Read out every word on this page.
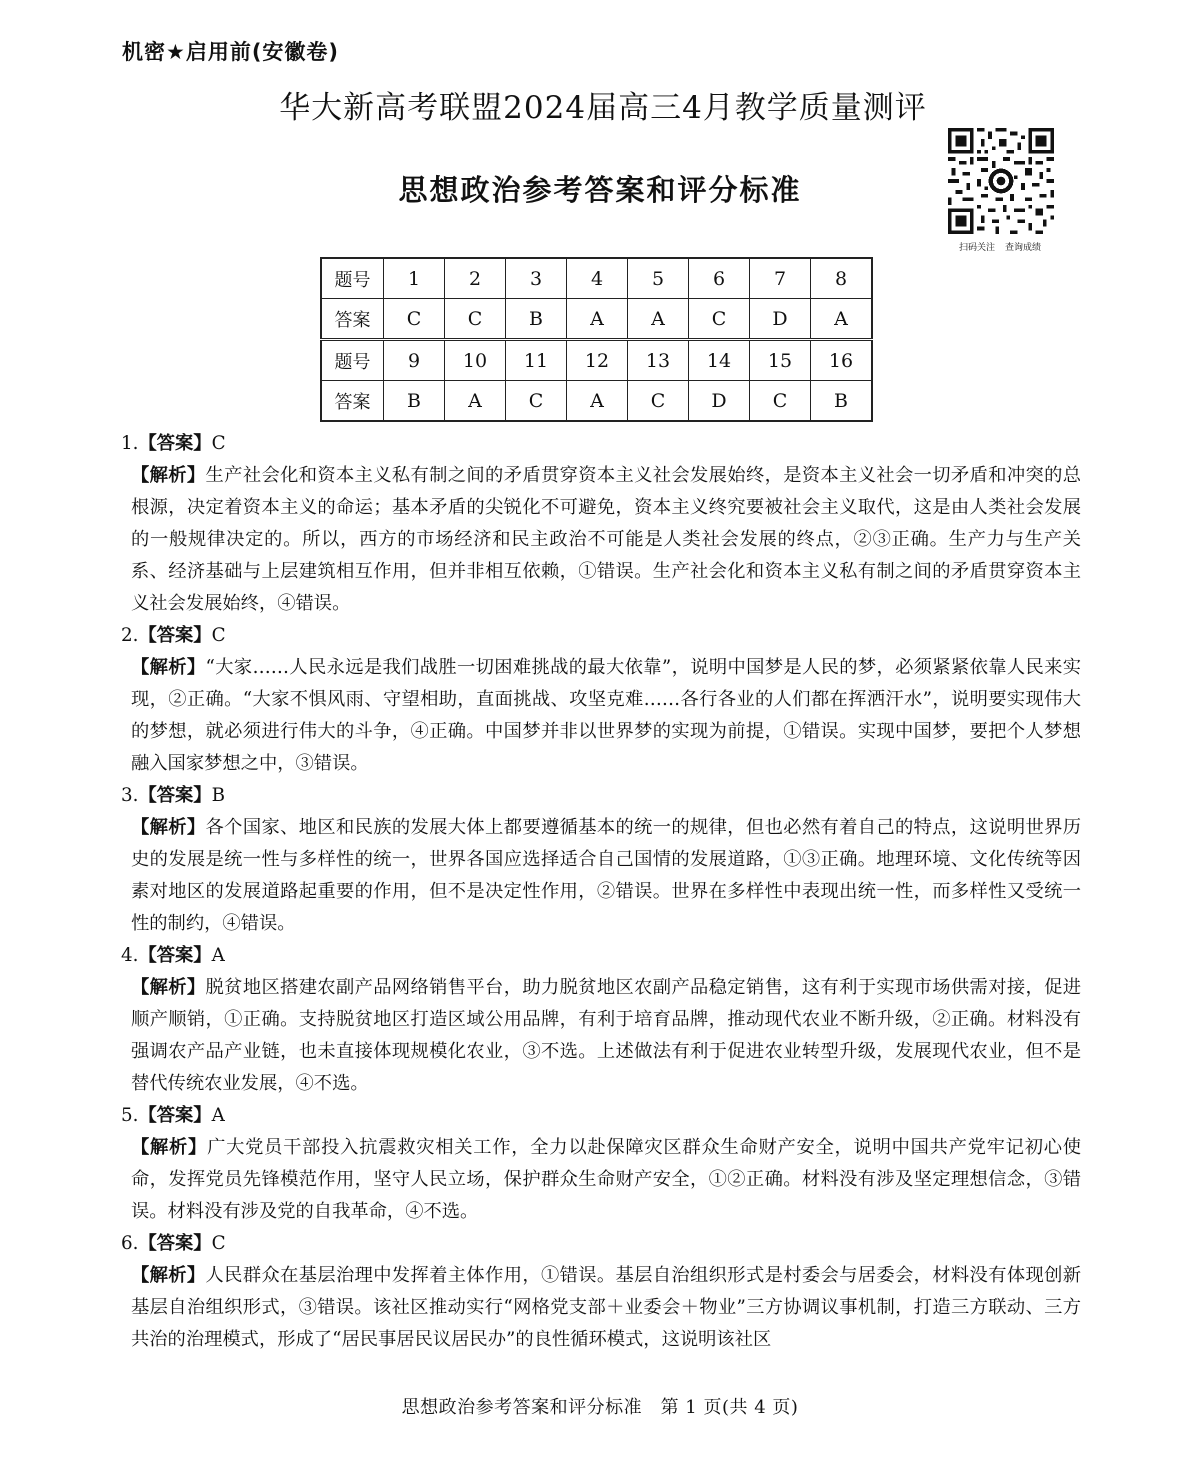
机密★启用前(安徽卷)
华大新高考联盟2024届高三4月教学质量测评
思想政治参考答案和评分标准
扫码关注 查询成绩
题号	1	2	3	4	5	6	7	8
答案	C	C	B	A	A	C	D	A
题号	9	10	11	12	13	14	15	16
答案	B	A	C	A	C	D	C	B

1.【答案】C

【解析】生产社会化和资本主义私有制之间的矛盾贯穿资本主义社会发展始终，是资本主义社会一切矛盾和冲突的总根源，决定着资本主义的命运；基本矛盾的尖锐化不可避免，资本主义终究要被社会主义取代，这是由人类社会发展的一般规律决定的。所以，西方的市场经济和民主政治不可能是人类社会发展的终点，②③正确。生产力与生产关系、经济基础与上层建筑相互作用，但并非相互依赖，①错误。生产社会化和资本主义私有制之间的矛盾贯穿资本主义社会发展始终，④错误。

2.【答案】C

【解析】“大家……人民永远是我们战胜一切困难挑战的最大依靠”，说明中国梦是人民的梦，必须紧紧依靠人民来实现，②正确。“大家不惧风雨、守望相助，直面挑战、攻坚克难……各行各业的人们都在挥洒汗水”，说明要实现伟大的梦想，就必须进行伟大的斗争，④正确。中国梦并非以世界梦的实现为前提，①错误。实现中国梦，要把个人梦想融入国家梦想之中，③错误。

3.【答案】B

【解析】各个国家、地区和民族的发展大体上都要遵循基本的统一的规律，但也必然有着自己的特点，这说明世界历史的发展是统一性与多样性的统一，世界各国应选择适合自己国情的发展道路，①③正确。地理环境、文化传统等因素对地区的发展道路起重要的作用，但不是决定性作用，②错误。世界在多样性中表现出统一性，而多样性又受统一性的制约，④错误。

4.【答案】A

【解析】脱贫地区搭建农副产品网络销售平台，助力脱贫地区农副产品稳定销售，这有利于实现市场供需对接，促进顺产顺销，①正确。支持脱贫地区打造区域公用品牌，有利于培育品牌，推动现代农业不断升级，②正确。材料没有强调农产品产业链，也未直接体现规模化农业，③不选。上述做法有利于促进农业转型升级，发展现代农业，但不是替代传统农业发展，④不选。

5.【答案】A

【解析】广大党员干部投入抗震救灾相关工作，全力以赴保障灾区群众生命财产安全，说明中国共产党牢记初心使命，发挥党员先锋模范作用，坚守人民立场，保护群众生命财产安全，①②正确。材料没有涉及坚定理想信念，③错误。材料没有涉及党的自我革命，④不选。

6.【答案】C

【解析】人民群众在基层治理中发挥着主体作用，①错误。基层自治组织形式是村委会与居委会，材料没有体现创新基层自治组织形式，③错误。该社区推动实行“网格党支部＋业委会＋物业”三方协调议事机制，打造三方联动、三方共治的治理模式，形成了“居民事居民议居民办”的良性循环模式，这说明该社区

思想政治参考答案和评分标准　第 1 页(共 4 页)
